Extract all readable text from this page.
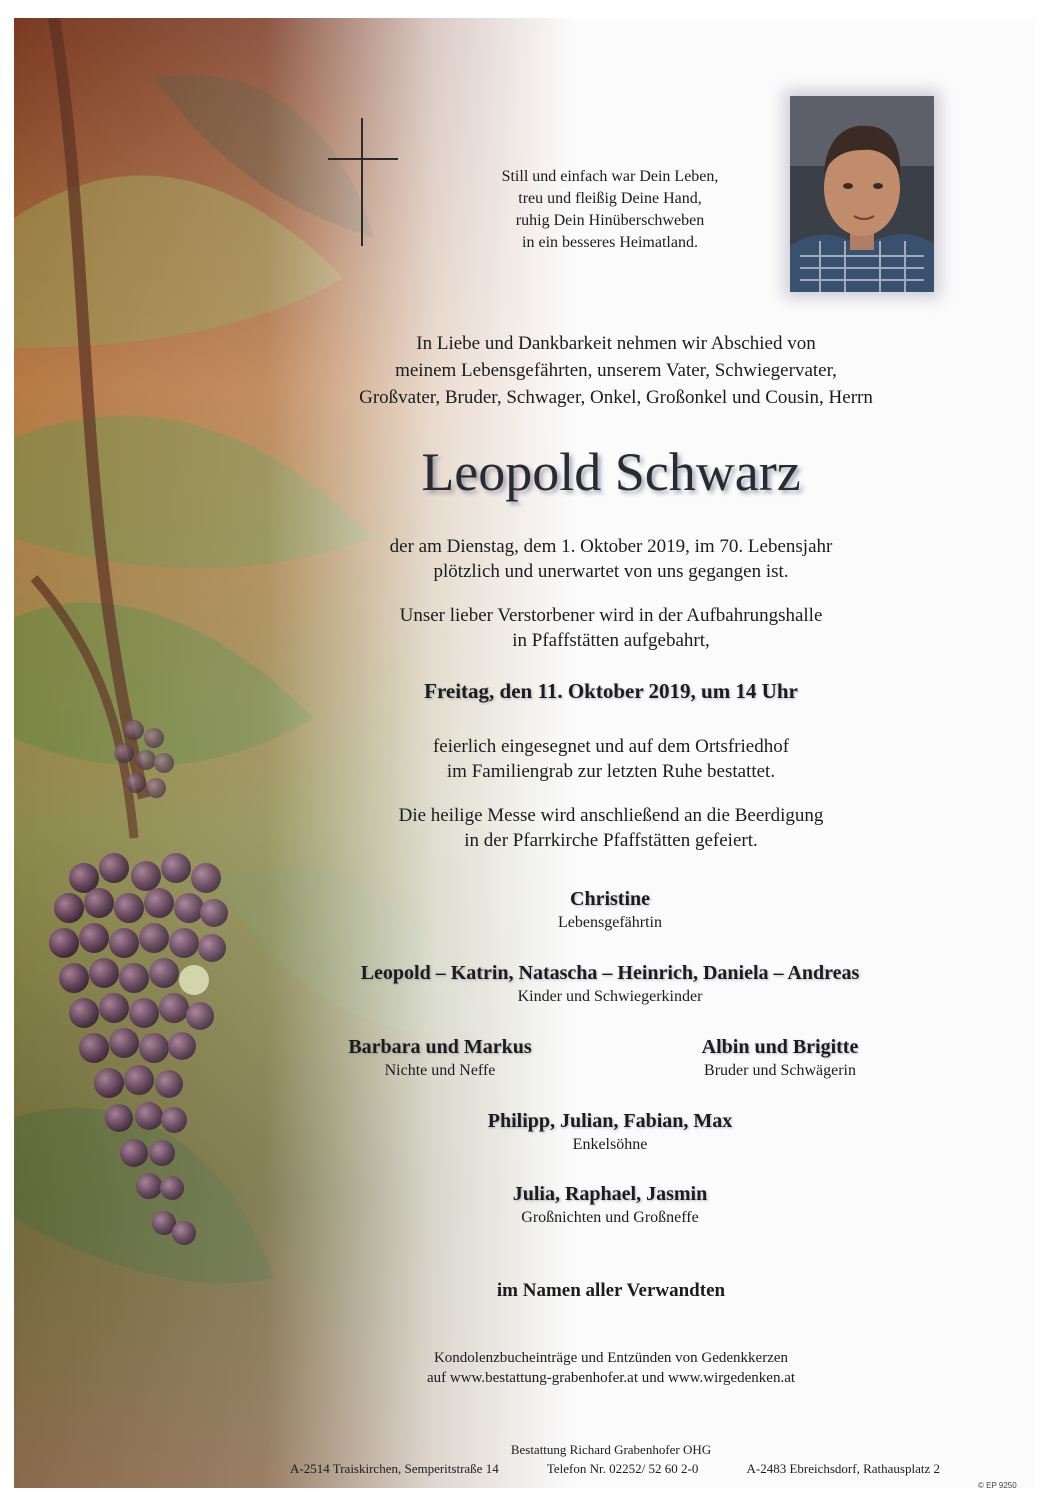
Still und einfach war Dein Leben,
treu und fleißig Deine Hand,
ruhig Dein Hinüberschweben
in ein besseres Heimatland.
In Liebe und Dankbarkeit nehmen wir Abschied von
meinem Lebensgefährten, unserem Vater, Schwiegervater,
Großvater, Bruder, Schwager, Onkel, Großonkel und Cousin, Herrn
Leopold Schwarz
der am Dienstag, dem 1. Oktober 2019, im 70. Lebensjahr
plötzlich und unerwartet von uns gegangen ist.
Unser lieber Verstorbener wird in der Aufbahrungshalle
in Pfaffstätten aufgebahrt,
Freitag, den 11. Oktober 2019, um 14 Uhr
feierlich eingesegnet und auf dem Ortsfriedhof
im Familiengrab zur letzten Ruhe bestattet.
Die heilige Messe wird anschließend an die Beerdigung
in der Pfarrkirche Pfaffstätten gefeiert.
Christine
Lebensgefährtin
Leopold – Katrin, Natascha – Heinrich, Daniela – Andreas
Kinder und Schwiegerkinder
Barbara und Markus
Nichte und Neffe
Albin und Brigitte
Bruder und Schwägerin
Philipp, Julian, Fabian, Max
Enkelsöhne
Julia, Raphael, Jasmin
Großnichten und Großneffe
im Namen aller Verwandten
Kondolenzbucheinträge und Entzünden von Gedenkkerzen
auf www.bestattung-grabenhofer.at und www.wirgedenken.at
Bestattung Richard Grabenhofer OHG
A-2514 Traiskirchen, Semperitstraße 14	Telefon Nr. 02252/ 52 60 2-0	A-2483 Ebreichsdorf, Rathausplatz 2
© EP 9250
